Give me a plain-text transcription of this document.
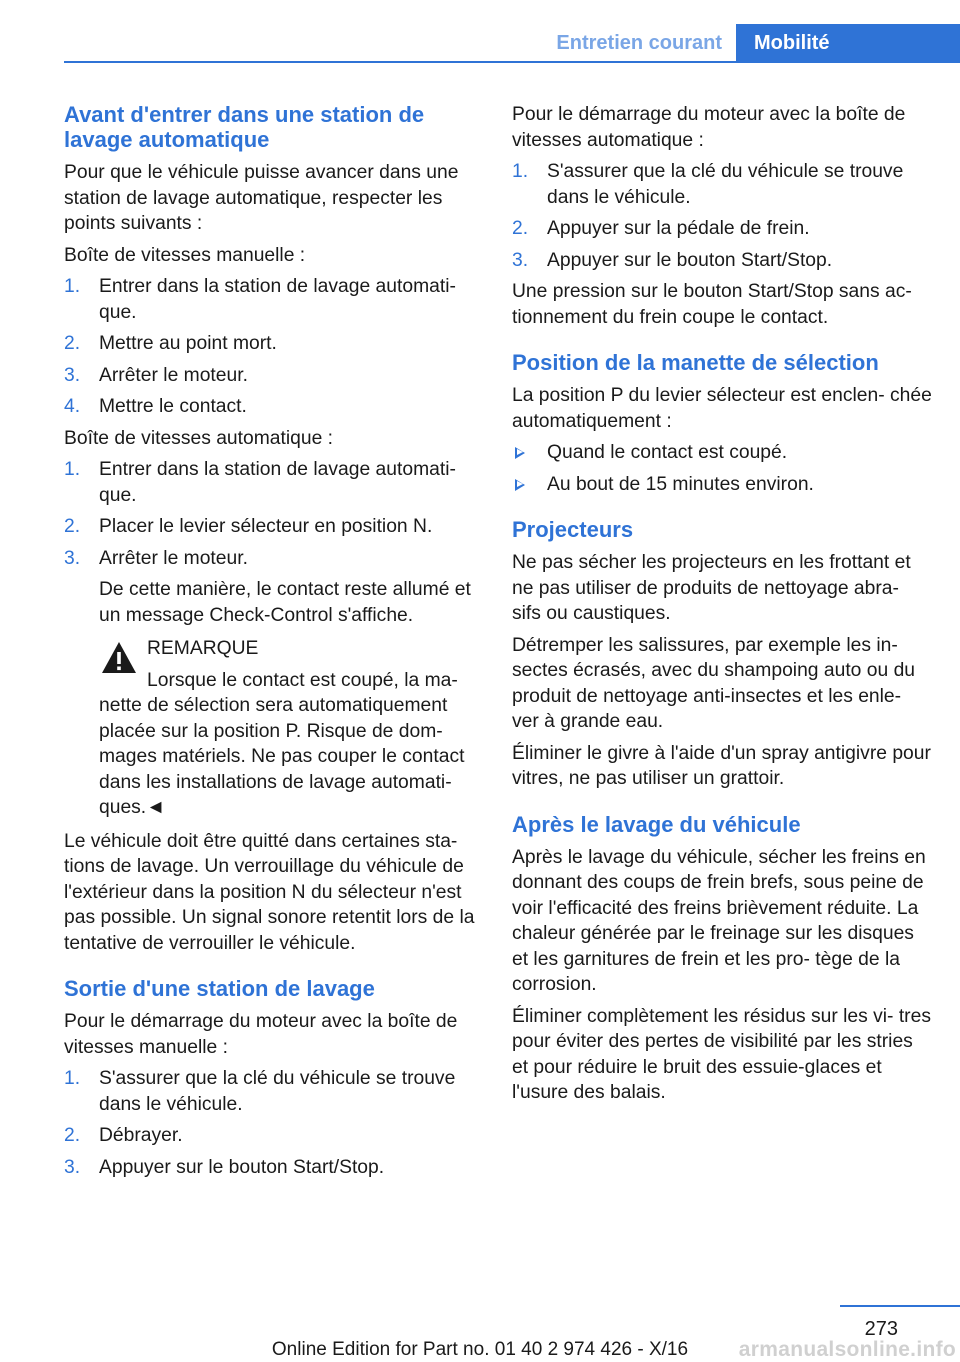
Entretien courant	Mobilité
Avant d'entrer dans une station de lavage automatique

Pour que le véhicule puisse avancer dans une station de lavage automatique, respecter les points suivants :

Boîte de vitesses manuelle :

1. Entrer dans la station de lavage automati‐ que.
2. Mettre au point mort.
3. Arrêter le moteur.
4. Mettre le contact.

Boîte de vitesses automatique :

1. Entrer dans la station de lavage automati‐ que.
2. Placer le levier sélecteur en position N.
3. Arrêter le moteur.
De cette manière, le contact reste allumé et un message Check-Control s'affiche.
REMARQUE
Lorsque le contact est coupé, la ma‐ nette de sélection sera automatiquement placée sur la position P. Risque de dom‐ mages matériels. Ne pas couper le contact dans les installations de lavage automati‐ ques.◄

Le véhicule doit être quitté dans certaines sta‐ tions de lavage. Un verrouillage du véhicule de l'extérieur dans la position N du sélecteur n'est pas possible. Un signal sonore retentit lors de la tentative de verrouiller le véhicule.

Sortie d'une station de lavage

Pour le démarrage du moteur avec la boîte de vitesses manuelle :

1. S'assurer que la clé du véhicule se trouve dans le véhicule.
2. Débrayer.
3. Appuyer sur le bouton Start/Stop.

Pour le démarrage du moteur avec la boîte de vitesses automatique :

1. S'assurer que la clé du véhicule se trouve dans le véhicule.
2. Appuyer sur la pédale de frein.
3. Appuyer sur le bouton Start/Stop.

Une pression sur le bouton Start/Stop sans ac‐ tionnement du frein coupe le contact.

Position de la manette de sélection

La position P du levier sélecteur est enclen‐ chée automatiquement :

Quand le contact est coupé.
Au bout de 15 minutes environ.
Projecteurs

Ne pas sécher les projecteurs en les frottant et ne pas utiliser de produits de nettoyage abra‐ sifs ou caustiques.

Détremper les salissures, par exemple les in‐ sectes écrasés, avec du shampoing auto ou du produit de nettoyage anti-insectes et les enle‐ ver à grande eau.

Éliminer le givre à l'aide d'un spray antigivre pour vitres, ne pas utiliser un grattoir.

Après le lavage du véhicule

Après le lavage du véhicule, sécher les freins en donnant des coups de frein brefs, sous peine de voir l'efficacité des freins brièvement réduite. La chaleur générée par le freinage sur les disques et les garnitures de frein et les pro‐ tège de la corrosion.

Éliminer complètement les résidus sur les vi‐ tres pour éviter des pertes de visibilité par les stries et pour réduire le bruit des essuie-glaces et l'usure des balais.

273
Online Edition for Part no. 01 40 2 974 426 - X/16	armanualsonline.info
